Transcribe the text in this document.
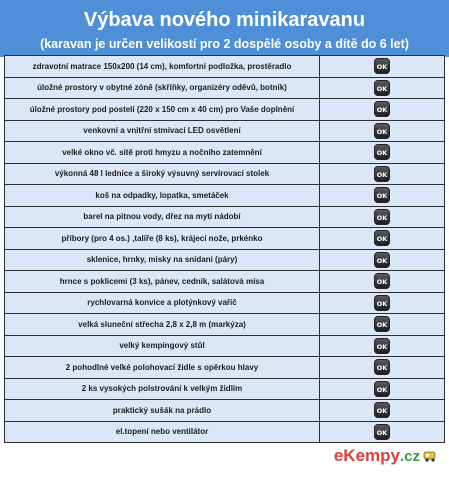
Výbava nového minikaravanu
(karavan je určen velikostí pro 2 dospělé osoby a dítě do 6 let)
zdravotní matrace 150x200 (14 cm), komfortní podložka, prostěradlo	OK
úložné prostory v obytné zóně (skříňky, organizéry oděvů, botník)	OK
úložné prostory pod postelí (220 x 150 cm x 40 cm) pro Vaše doplnění	OK
venkovní a vnitřní stmívací LED osvětlení	OK
velké okno vč. sítě proti hmyzu a nočního zatemnění	OK
výkonná 48 l lednice a široký výsuvný servírovací stolek	OK
koš na odpadky, lopatka, smetáček	OK
barel na pitnou vody, dřez na mytí nádobí	OK
příbory (pro 4 os.) ,talíře (8 ks), krájecí nože, prkénko	OK
sklenice, hrnky, misky na snídani (páry)	OK
hrnce s poklicemi (3 ks), pánev, cedník, salátová mísa	OK
rychlovarná konvice a plotýnkový vařič	OK
velká sluneční střecha 2,8 x 2,8 m (markýza)	OK
velký kempingový stůl	OK
2 pohodlné velké polohovací židle s opěrkou hlavy	OK
2 ks vysokých polstrování k velkým židlím	OK
praktický sušák na prádlo	OK
el.topení nebo ventilátor	OK
eKempy .cz
